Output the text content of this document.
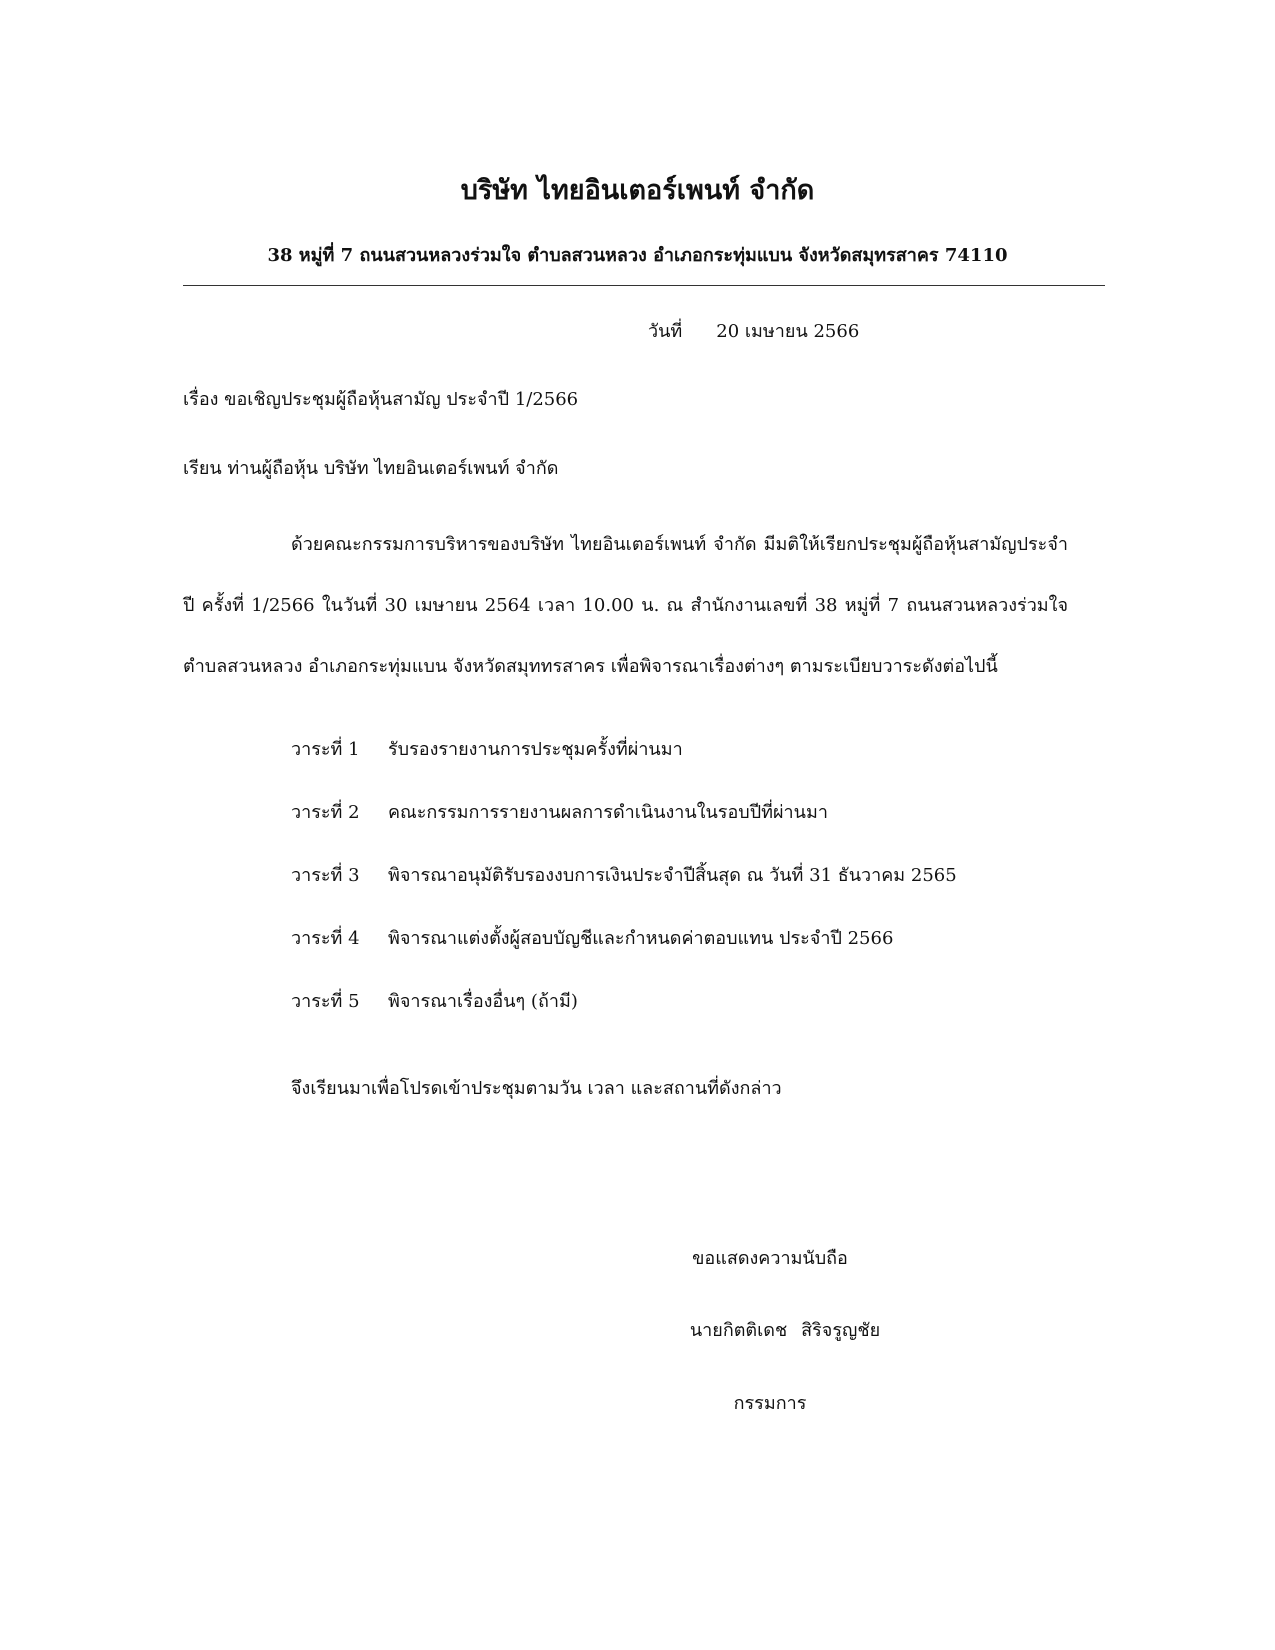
บริษัท ไทยอินเตอร์เพนท์ จำกัด
38 หมู่ที่ 7 ถนนสวนหลวงร่วมใจ ตำบลสวนหลวง อำเภอกระทุ่มแบน จังหวัดสมุทรสาคร 74110
วันที่ 20 เมษายน 2566
เรื่อง ขอเชิญประชุมผู้ถือหุ้นสามัญ ประจำปี 1/2566
เรียน ท่านผู้ถือหุ้น บริษัท ไทยอินเตอร์เพนท์ จำกัด
ด้วยคณะกรรมการบริหารของบริษัท ไทยอินเตอร์เพนท์ จำกัด มีมติให้เรียกประชุมผู้ถือหุ้นสามัญประจำปี ครั้งที่ 1/2566 ในวันที่ 30 เมษายน 2564 เวลา 10.00 น. ณ สำนักงานเลขที่ 38 หมู่ที่ 7 ถนนสวนหลวงร่วมใจ ตำบลสวนหลวง อำเภอกระทุ่มแบน จังหวัดสมุททรสาคร เพื่อพิจารณาเรื่องต่างๆ ตามระเบียบวาระดังต่อไปนี้
วาระที่ 1 รับรองรายงานการประชุมครั้งที่ผ่านมา
วาระที่ 2 คณะกรรมการรายงานผลการดำเนินงานในรอบปีที่ผ่านมา
วาระที่ 3 พิจารณาอนุมัติรับรองงบการเงินประจำปีสิ้นสุด ณ วันที่ 31 ธันวาคม 2565
วาระที่ 4 พิจารณาแต่งตั้งผู้สอบบัญชีและกำหนดค่าตอบแทน ประจำปี 2566
วาระที่ 5 พิจารณาเรื่องอื่นๆ (ถ้ามี)
จึงเรียนมาเพื่อโปรดเข้าประชุมตามวัน เวลา และสถานที่ดังกล่าว
ขอแสดงความนับถือ
นายกิตติเดช สิริจรูญชัย
กรรมการ
